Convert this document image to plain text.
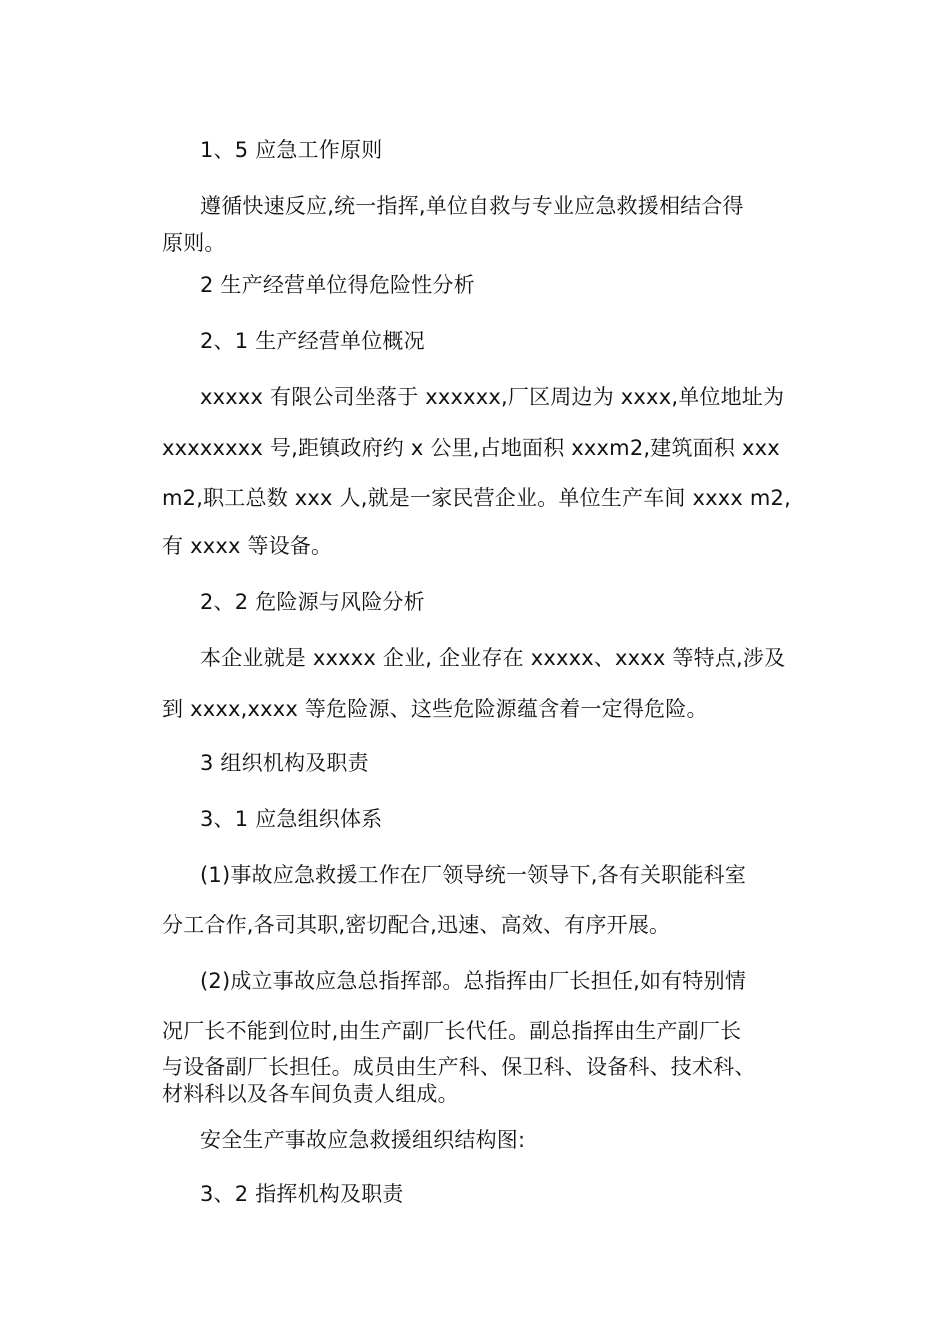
1、5 应急工作原则
遵循快速反应,统一指挥,单位自救与专业应急救援相结合得
原则。
2 生产经营单位得危险性分析
2、1 生产经营单位概况
xxxxx 有限公司坐落于 xxxxxx,厂区周边为 xxxx,单位地址为
xxxxxxxx 号,距镇政府约 x 公里,占地面积 xxxm2,建筑面积 xxx
m2,职工总数 xxx 人,就是一家民营企业。单位生产车间 xxxx m2,
有 xxxx 等设备。
2、2 危险源与风险分析
本企业就是 xxxxx 企业, 企业存在 xxxxx、xxxx 等特点,涉及
到 xxxx,xxxx 等危险源、这些危险源蕴含着一定得危险。
3 组织机构及职责
3、1 应急组织体系
(1)事故应急救援工作在厂领导统一领导下,各有关职能科室
分工合作,各司其职,密切配合,迅速、高效、有序开展。
(2)成立事故应急总指挥部。总指挥由厂长担任,如有特别情
况厂长不能到位时,由生产副厂长代任。副总指挥由生产副厂长
与设备副厂长担任。成员由生产科、保卫科、设备科、技术科、
材料科以及各车间负责人组成。
安全生产事故应急救援组织结构图:
3、2 指挥机构及职责
